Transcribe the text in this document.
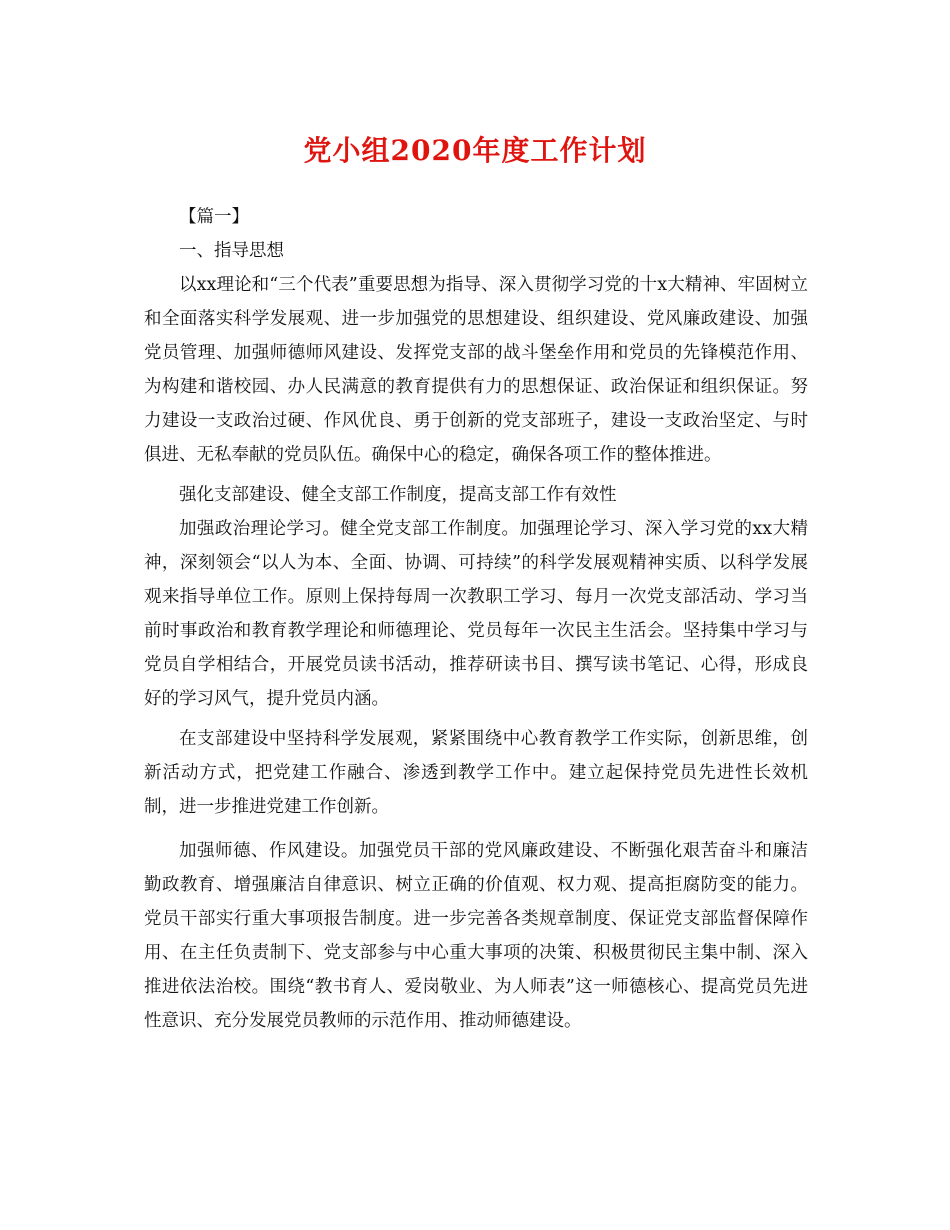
党小组2020年度工作计划

【篇一】

一、指导思想

以xx理论和“三个代表”重要思想为指导、深入贯彻学习党的十x大精神、牢固树立和全面落实科学发展观、进一步加强党的思想建设、组织建设、党风廉政建设、加强党员管理、加强师德师风建设、发挥党支部的战斗堡垒作用和党员的先锋模范作用、为构建和谐校园、办人民满意的教育提供有力的思想保证、政治保证和组织保证。努力建设一支政治过硬、作风优良、勇于创新的党支部班子，建设一支政治坚定、与时俱进、无私奉献的党员队伍。确保中心的稳定，确保各项工作的整体推进。

强化支部建设、健全支部工作制度，提高支部工作有效性

加强政治理论学习。健全党支部工作制度。加强理论学习、深入学习党的xx大精神，深刻领会“以人为本、全面、协调、可持续”的科学发展观精神实质、以科学发展观来指导单位工作。原则上保持每周一次教职工学习、每月一次党支部活动、学习当前时事政治和教育教学理论和师德理论、党员每年一次民主生活会。坚持集中学习与党员自学相结合，开展党员读书活动，推荐研读书目、撰写读书笔记、心得，形成良好的学习风气，提升党员内涵。

在支部建设中坚持科学发展观，紧紧围绕中心教育教学工作实际，创新思维，创新活动方式，把党建工作融合、渗透到教学工作中。建立起保持党员先进性长效机制，进一步推进党建工作创新。

加强师德、作风建设。加强党员干部的党风廉政建设、不断强化艰苦奋斗和廉洁勤政教育、增强廉洁自律意识、树立正确的价值观、权力观、提高拒腐防变的能力。党员干部实行重大事项报告制度。进一步完善各类规章制度、保证党支部监督保障作用、在主任负责制下、党支部参与中心重大事项的决策、积极贯彻民主集中制、深入推进依法治校。围绕“教书育人、爱岗敬业、为人师表”这一师德核心、提高党员先进性意识、充分发展党员教师的示范作用、推动师德建设。
